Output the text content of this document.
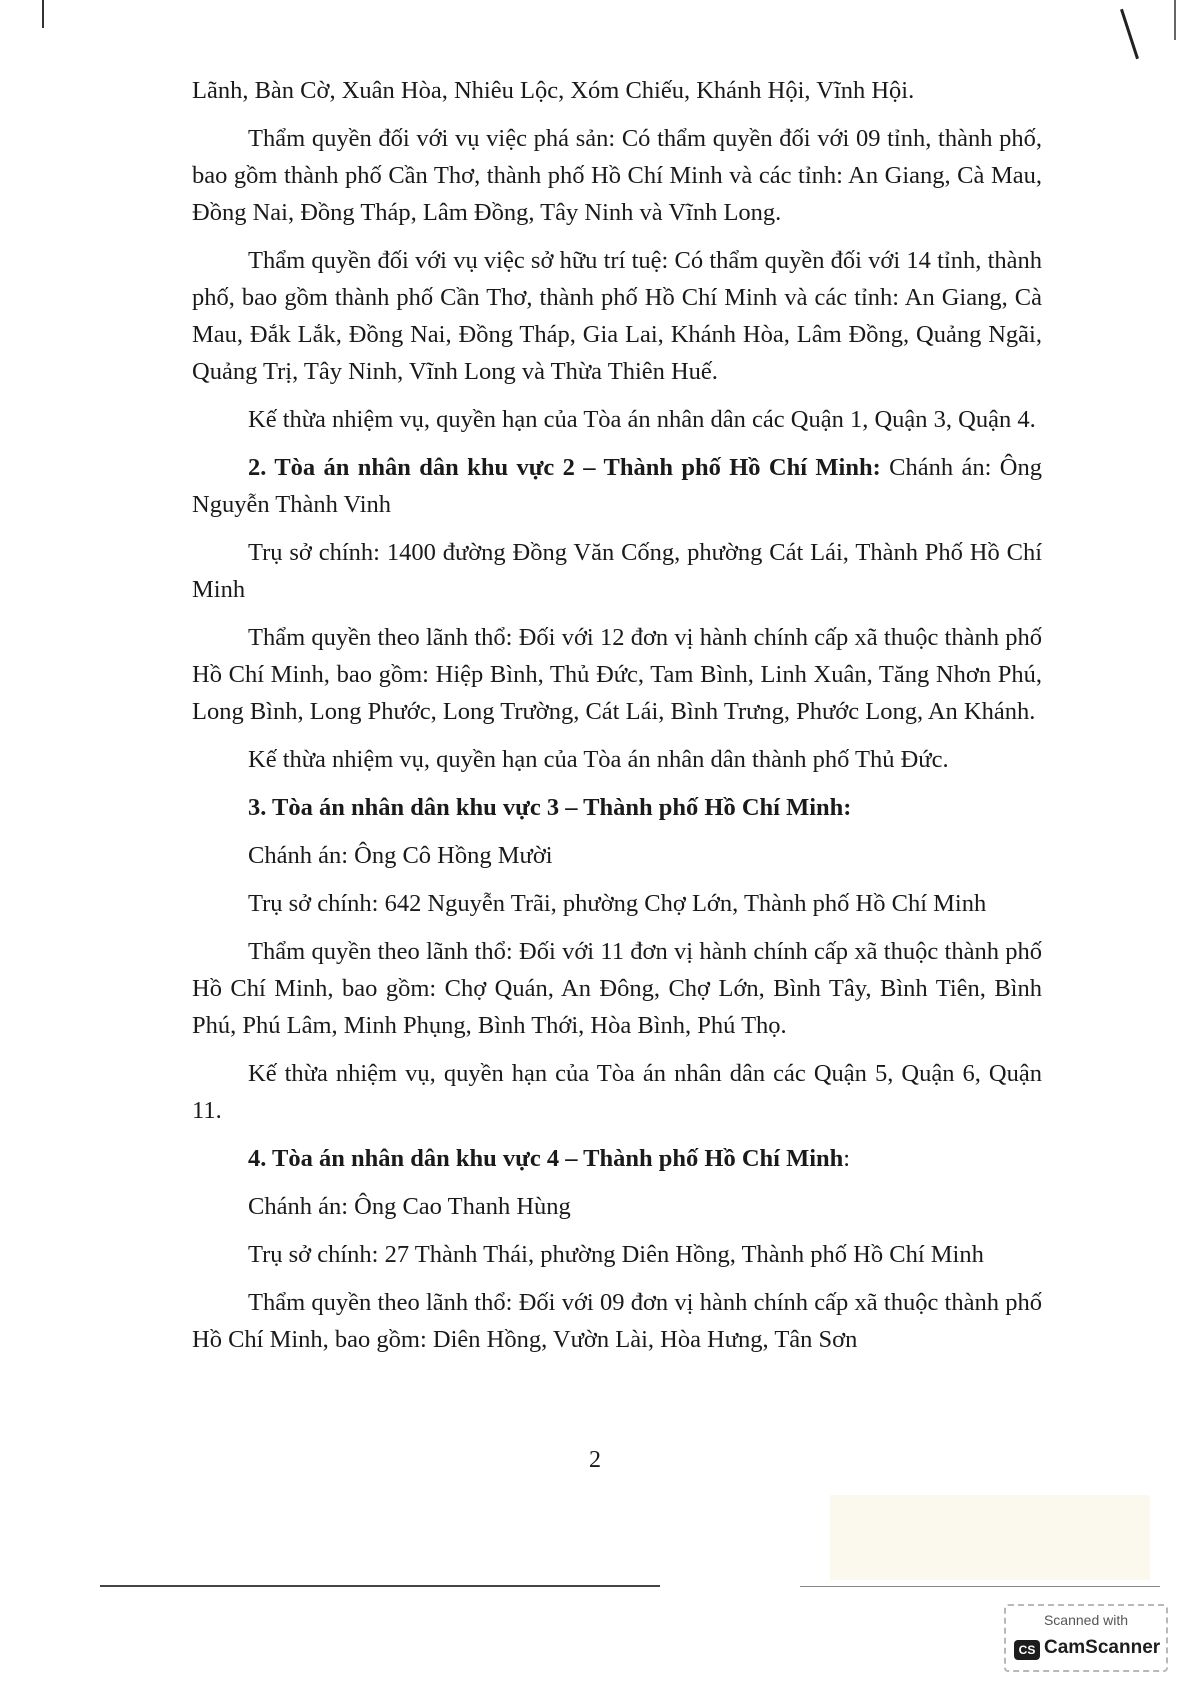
Lãnh, Bàn Cờ, Xuân Hòa, Nhiêu Lộc, Xóm Chiếu, Khánh Hội, Vĩnh Hội.

Thẩm quyền đối với vụ việc phá sản: Có thẩm quyền đối với 09 tỉnh, thành phố, bao gồm thành phố Cần Thơ, thành phố Hồ Chí Minh và các tỉnh: An Giang, Cà Mau, Đồng Nai, Đồng Tháp, Lâm Đồng, Tây Ninh và Vĩnh Long.

Thẩm quyền đối với vụ việc sở hữu trí tuệ: Có thẩm quyền đối với 14 tỉnh, thành phố, bao gồm thành phố Cần Thơ, thành phố Hồ Chí Minh và các tỉnh: An Giang, Cà Mau, Đắk Lắk, Đồng Nai, Đồng Tháp, Gia Lai, Khánh Hòa, Lâm Đồng, Quảng Ngãi, Quảng Trị, Tây Ninh, Vĩnh Long và Thừa Thiên Huế.

Kế thừa nhiệm vụ, quyền hạn của Tòa án nhân dân các Quận 1, Quận 3, Quận 4.

2. Tòa án nhân dân khu vực 2 – Thành phố Hồ Chí Minh: Chánh án: Ông Nguyễn Thành Vinh

Trụ sở chính: 1400 đường Đồng Văn Cống, phường Cát Lái, Thành Phố Hồ Chí Minh

Thẩm quyền theo lãnh thổ: Đối với 12 đơn vị hành chính cấp xã thuộc thành phố Hồ Chí Minh, bao gồm: Hiệp Bình, Thủ Đức, Tam Bình, Linh Xuân, Tăng Nhơn Phú, Long Bình, Long Phước, Long Trường, Cát Lái, Bình Trưng, Phước Long, An Khánh.

Kế thừa nhiệm vụ, quyền hạn của Tòa án nhân dân thành phố Thủ Đức.

3. Tòa án nhân dân khu vực 3 – Thành phố Hồ Chí Minh:

Chánh án: Ông Cô Hồng Mười

Trụ sở chính: 642 Nguyễn Trãi, phường Chợ Lớn, Thành phố Hồ Chí Minh

Thẩm quyền theo lãnh thổ: Đối với 11 đơn vị hành chính cấp xã thuộc thành phố Hồ Chí Minh, bao gồm: Chợ Quán, An Đông, Chợ Lớn, Bình Tây, Bình Tiên, Bình Phú, Phú Lâm, Minh Phụng, Bình Thới, Hòa Bình, Phú Thọ.

Kế thừa nhiệm vụ, quyền hạn của Tòa án nhân dân các Quận 5, Quận 6, Quận 11.

4. Tòa án nhân dân khu vực 4 – Thành phố Hồ Chí Minh:

Chánh án: Ông Cao Thanh Hùng

Trụ sở chính: 27 Thành Thái, phường Diên Hồng, Thành phố Hồ Chí Minh

Thẩm quyền theo lãnh thổ: Đối với 09 đơn vị hành chính cấp xã thuộc thành phố Hồ Chí Minh, bao gồm: Diên Hồng, Vườn Lài, Hòa Hưng, Tân Sơn

2
Scanned with
CS CamScanner
